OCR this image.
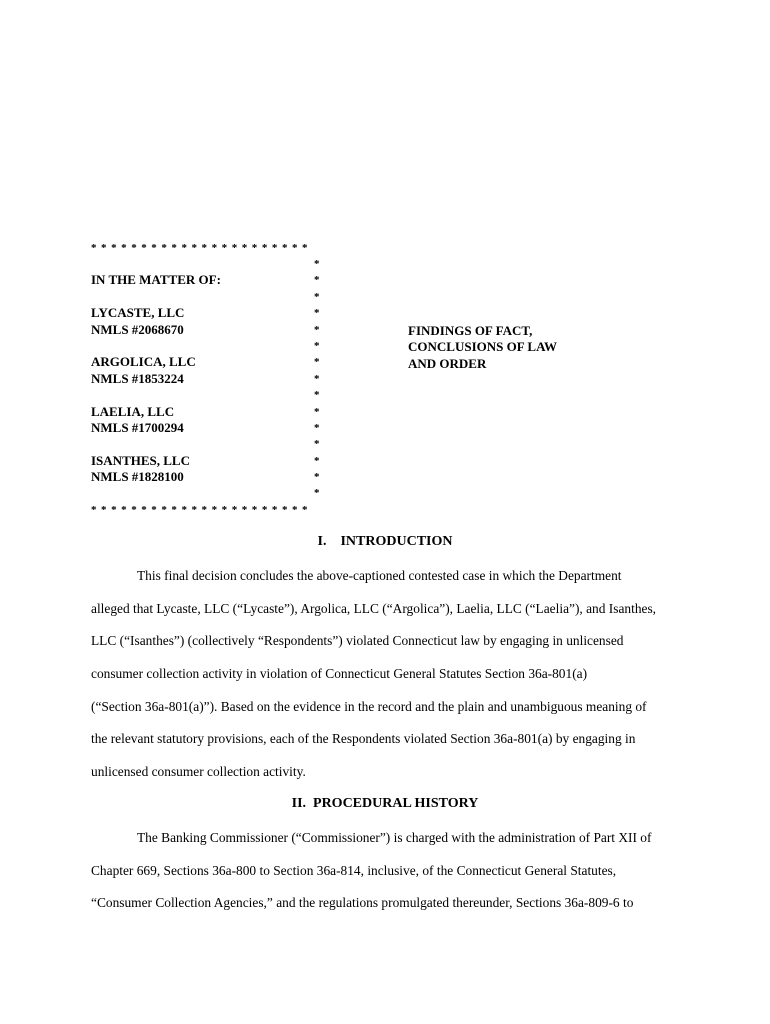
* * * * * * * * * * * * * * * * * * * * * *
IN THE MATTER OF:
LYCASTE, LLC
NMLS #2068670
ARGOLICA, LLC
NMLS #1853224
LAELIA, LLC
NMLS #1700294
ISANTHES, LLC
NMLS #1828100
* * * * * * * * * * * * * * * * * * * * * *
*
*
*
*
*
*
*
*
*
*
*
*
*
*
*
FINDINGS OF FACT,
CONCLUSIONS OF LAW
AND ORDER
I.    INTRODUCTION
This final decision concludes the above-captioned contested case in which the Department
alleged that Lycaste, LLC (“Lycaste”), Argolica, LLC (“Argolica”), Laelia, LLC (“Laelia”), and Isanthes,
LLC (“Isanthes”) (collectively “Respondents”) violated Connecticut law by engaging in unlicensed
consumer collection activity in violation of Connecticut General Statutes Section 36a-801(a)
(“Section 36a-801(a)”). Based on the evidence in the record and the plain and unambiguous meaning of
the relevant statutory provisions, each of the Respondents violated Section 36a-801(a) by engaging in
unlicensed consumer collection activity.
II.  PROCEDURAL HISTORY
The Banking Commissioner (“Commissioner”) is charged with the administration of Part XII of
Chapter 669, Sections 36a-800 to Section 36a-814, inclusive, of the Connecticut General Statutes,
“Consumer Collection Agencies,” and the regulations promulgated thereunder, Sections 36a-809-6 to
